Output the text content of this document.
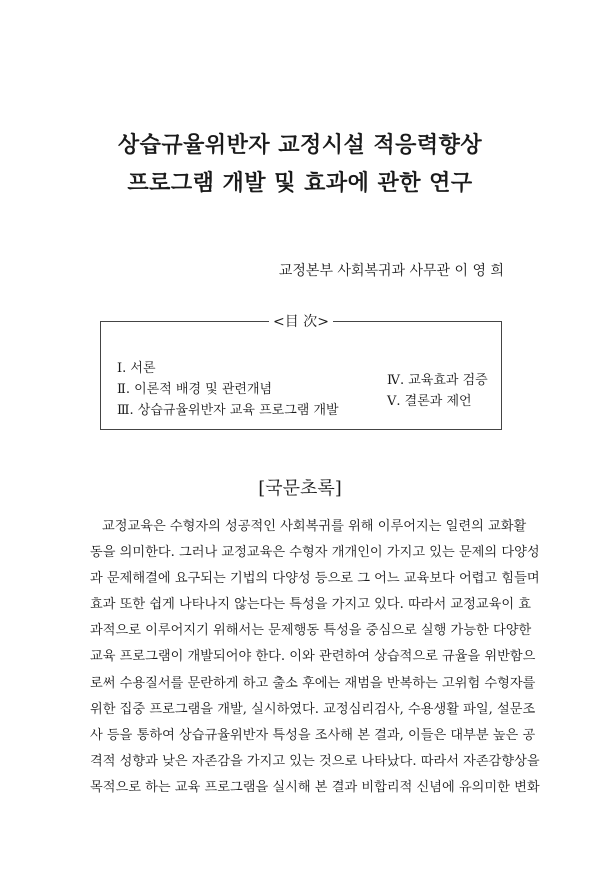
상습규율위반자 교정시설 적응력향상
프로그램 개발 및 효과에 관한 연구
교정본부 사회복귀과 사무관 이 영 희
<目 次>
Ⅰ. 서론
Ⅱ. 이론적 배경 및 관련개념
Ⅲ. 상습규율위반자 교육 프로그램 개발
Ⅳ. 교육효과 검증
Ⅴ. 결론과 제언
[국문초록]
교정교육은 수형자의 성공적인 사회복귀를 위해 이루어지는 일련의 교화활
동을 의미한다. 그러나 교정교육은 수형자 개개인이 가지고 있는 문제의 다양성
과 문제해결에 요구되는 기법의 다양성 등으로 그 어느 교육보다 어렵고 힘들며
효과 또한 쉽게 나타나지 않는다는 특성을 가지고 있다. 따라서 교정교육이 효
과적으로 이루어지기 위해서는 문제행동 특성을 중심으로 실행 가능한 다양한
교육 프로그램이 개발되어야 한다. 이와 관련하여 상습적으로 규율을 위반함으
로써 수용질서를 문란하게 하고 출소 후에는 재범을 반복하는 고위험 수형자를
위한 집중 프로그램을 개발, 실시하였다. 교정심리검사, 수용생활 파일, 설문조
사 등을 통하여 상습규율위반자 특성을 조사해 본 결과, 이들은 대부분 높은 공
격적 성향과 낮은 자존감을 가지고 있는 것으로 나타났다. 따라서 자존감향상을
목적으로 하는 교육 프로그램을 실시해 본 결과 비합리적 신념에 유의미한 변화
